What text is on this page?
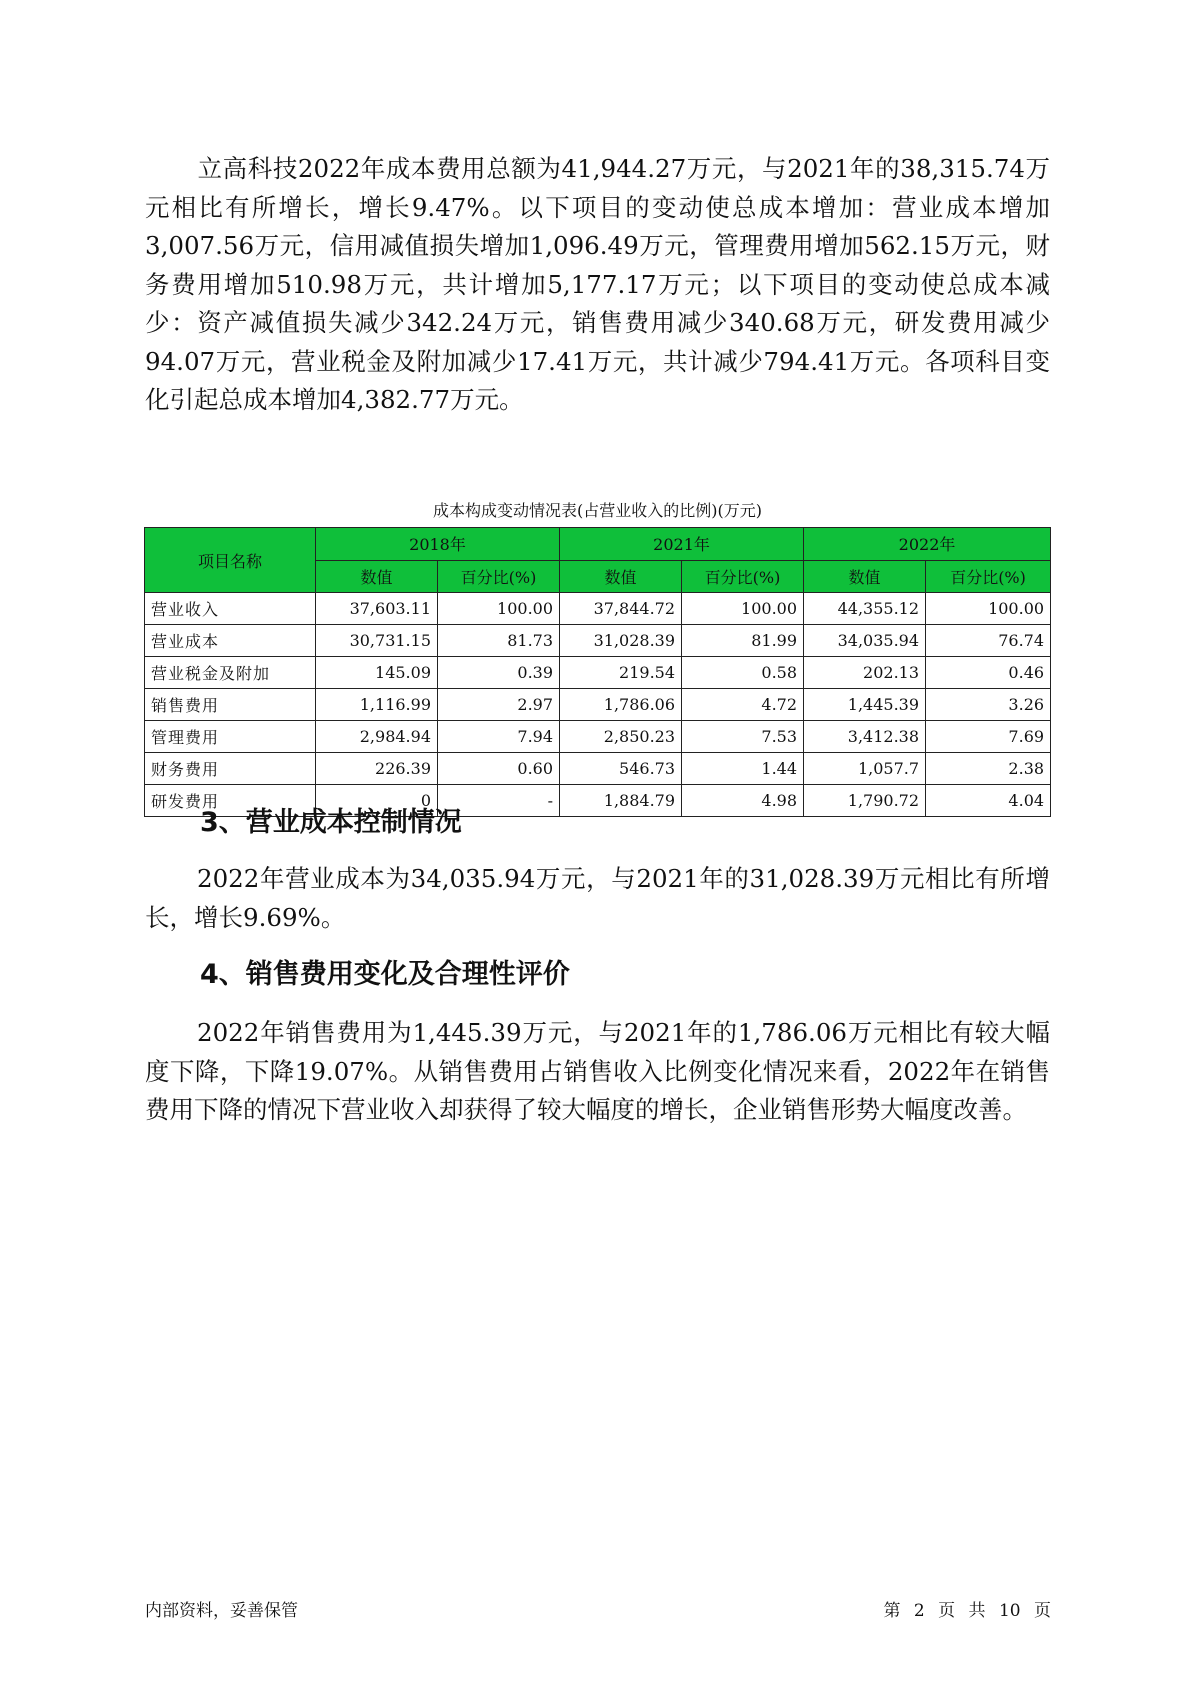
立高科技2022年成本费用总额为41,944.27万元，与2021年的38,315.74万元相比有所增长，增长9.47%。以下项目的变动使总成本增加：营业成本增加3,007.56万元，信用减值损失增加1,096.49万元，管理费用增加562.15万元，财务费用增加510.98万元，共计增加5,177.17万元；以下项目的变动使总成本减少：资产减值损失减少342.24万元，销售费用减少340.68万元，研发费用减少94.07万元，营业税金及附加减少17.41万元，共计减少794.41万元。各项科目变化引起总成本增加4,382.77万元。

成本构成变动情况表(占营业收入的比例)(万元)
项目名称	2018年		2021年		2022年	
	数值	百分比(%)	数值	百分比(%)	数值	百分比(%)
营业收入	37,603.11	100.00	37,844.72	100.00	44,355.12	100.00
营业成本	30,731.15	81.73	31,028.39	81.99	34,035.94	76.74
营业税金及附加	145.09	0.39	219.54	0.58	202.13	0.46
销售费用	1,116.99	2.97	1,786.06	4.72	1,445.39	3.26
管理费用	2,984.94	7.94	2,850.23	7.53	3,412.38	7.69
财务费用	226.39	0.60	546.73	1.44	1,057.7	2.38
研发费用	0	-	1,884.79	4.98	1,790.72	4.04
3、营业成本控制情况

2022年营业成本为34,035.94万元，与2021年的31,028.39万元相比有所增长，增长9.69%。

4、销售费用变化及合理性评价

2022年销售费用为1,445.39万元，与2021年的1,786.06万元相比有较大幅度下降，下降19.07%。从销售费用占销售收入比例变化情况来看，2022年在销售费用下降的情况下营业收入却获得了较大幅度的增长，企业销售形势大幅度改善。

内部资料，妥善保管	第 2 页 共 10 页
